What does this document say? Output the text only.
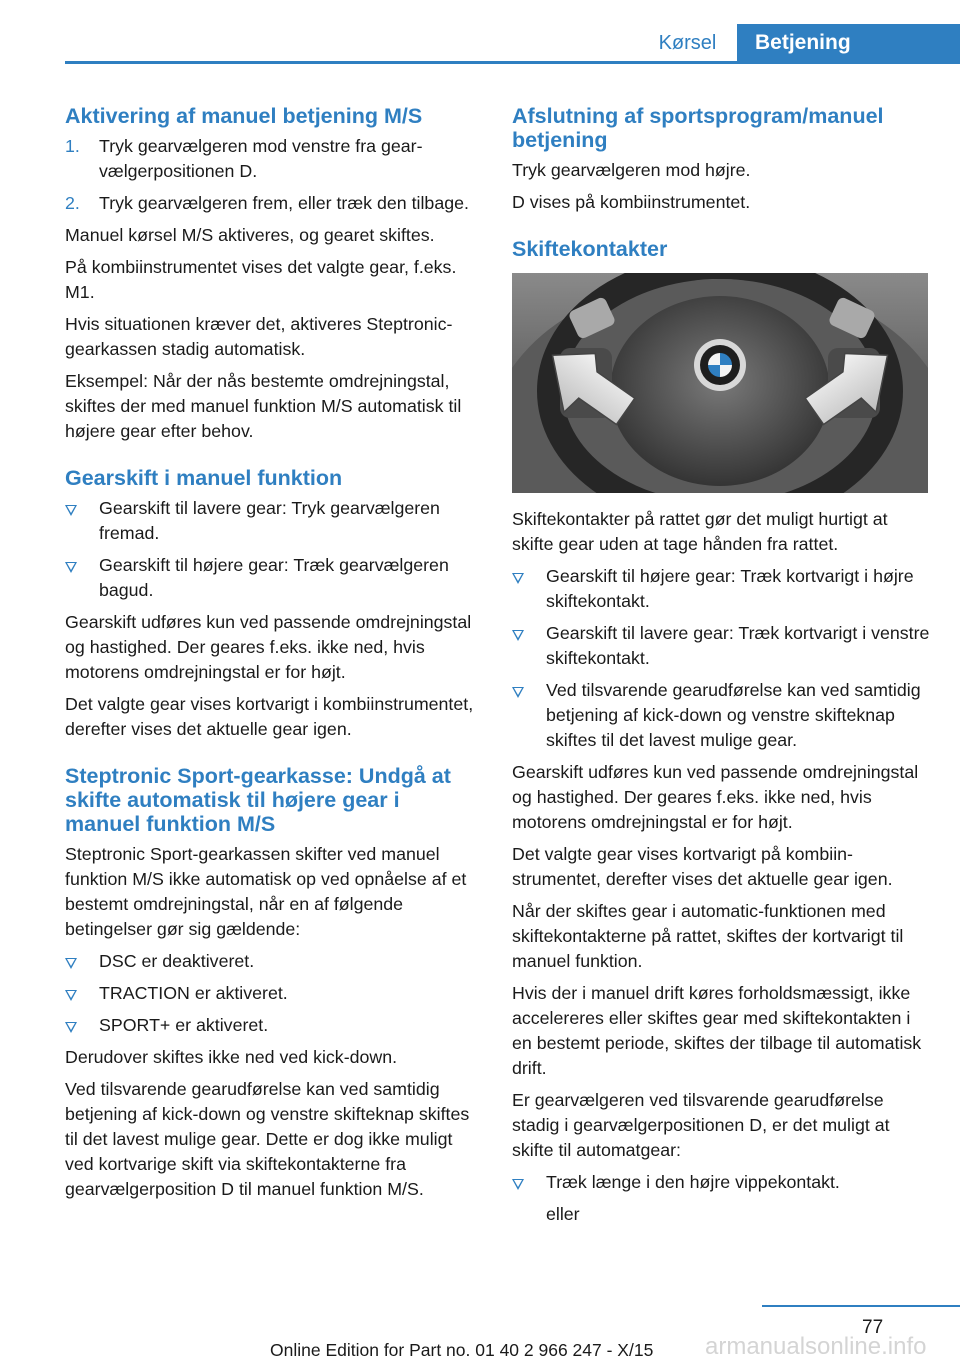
Kørsel	Betjening
Aktivering af manuel betjening M/S
1. Tryk gearvælgeren mod venstre fra gearvælgerpositionen D.
2. Tryk gearvælgeren frem, eller træk den tilbage.
Manuel kørsel M/S aktiveres, og gearet skiftes.
På kombiinstrumentet vises det valgte gear, f.eks. M1.
Hvis situationen kræver det, aktiveres Steptronic-gearkassen stadig automatisk.
Eksempel: Når der nås bestemte omdrejningstal, skiftes der med manuel funktion M/S automatisk til højere gear efter behov.
Gearskift i manuel funktion
Gearskift til lavere gear: Tryk gearvælgeren fremad.
Gearskift til højere gear: Træk gearvælgeren bagud.
Gearskift udføres kun ved passende omdrejningstal og hastighed. Der geares f.eks. ikke ned, hvis motorens omdrejningstal er for højt.
Det valgte gear vises kortvarigt i kombiinstrumentet, derefter vises det aktuelle gear igen.
Steptronic Sport-gearkasse: Undgå at skifte automatisk til højere gear i manuel funktion M/S
Steptronic Sport-gearkassen skifter ved manuel funktion M/S ikke automatisk op ved opnåelse af et bestemt omdrejningstal, når en af følgende betingelser gør sig gældende:
DSC er deaktiveret.
TRACTION er aktiveret.
SPORT+ er aktiveret.
Derudover skiftes ikke ned ved kick-down.
Ved tilsvarende gearudførelse kan ved samtidig betjening af kick-down og venstre skifteknap skiftes til det lavest mulige gear. Dette er dog ikke muligt ved kortvarige skift via skiftekontakterne fra gearvælgerposition D til manuel funktion M/S.
Afslutning af sportsprogram/manuel betjening
Tryk gearvælgeren mod højre.
D vises på kombiinstrumentet.
Skiftekontakter
Skiftekontakter på rattet gør det muligt hurtigt at skifte gear uden at tage hånden fra rattet.
Gearskift til højere gear: Træk kortvarigt i højre skiftekontakt.
Gearskift til lavere gear: Træk kortvarigt i venstre skiftekontakt.
Ved tilsvarende gearudførelse kan ved samtidig betjening af kick-down og venstre skifteknap skiftes til det lavest mulige gear.
Gearskift udføres kun ved passende omdrejningstal og hastighed. Der geares f.eks. ikke ned, hvis motorens omdrejningstal er for højt.
Det valgte gear vises kortvarigt på kombiinstrumentet, derefter vises det aktuelle gear igen.
Når der skiftes gear i automatic-funktionen med skiftekontakterne på rattet, skiftes der kortvarigt til manuel funktion.
Hvis der i manuel drift køres forholdsmæssigt, ikke accelereres eller skiftes gear med skiftekontakten i en bestemt periode, skiftes der tilbage til automatisk drift.
Er gearvælgeren ved tilsvarende gearudførelse stadig i gearvælgerpositionen D, er det muligt at skifte til automatgear:
Træk længe i den højre vippekontakt.
eller
77
armanualsonline.info
Online Edition for Part no. 01 40 2 966 247 - X/15
